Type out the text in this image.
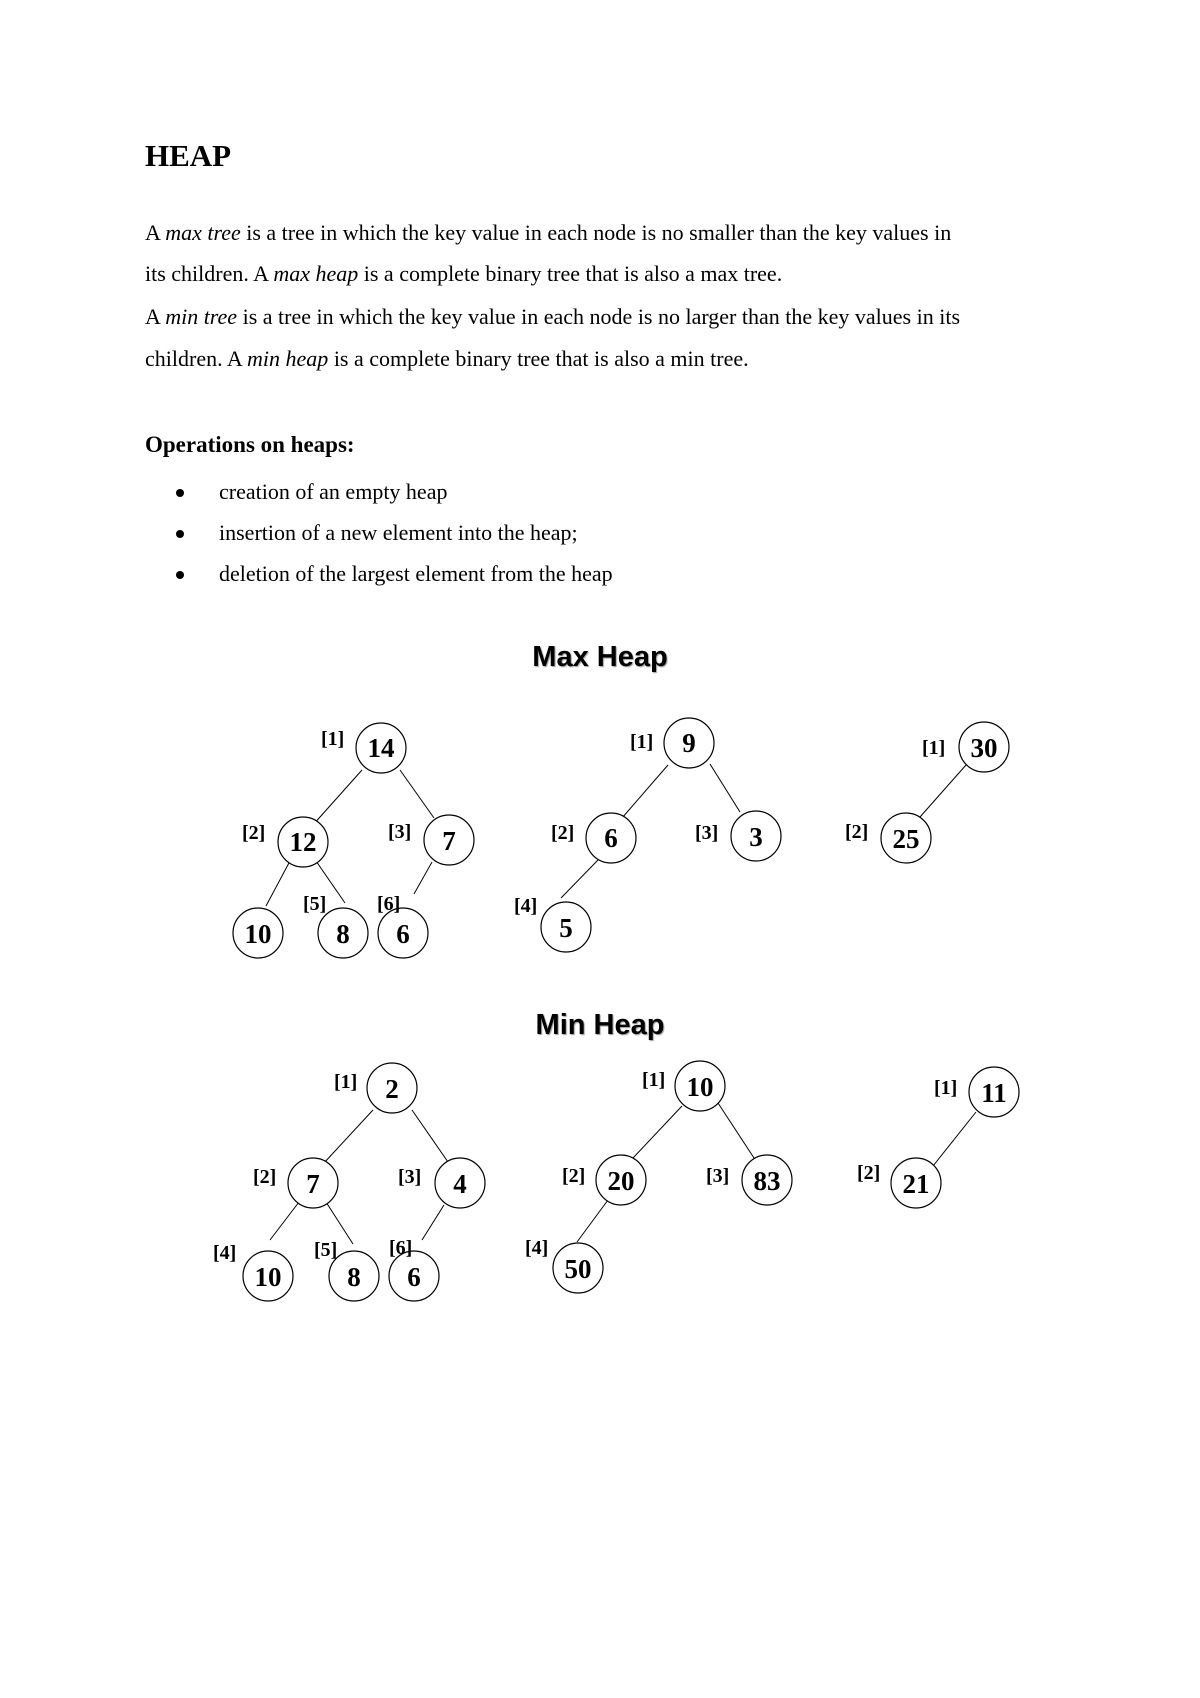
HEAP

A max tree is a tree in which the key value in each node is no smaller than the key values in

its children. A max heap is a complete binary tree that is also a max tree.

A min tree is a tree in which the key value in each node is no larger than the key values in its

children. A min heap is a complete binary tree that is also a min tree.

Operations on heaps:
creation of an empty heap
insertion of a new element into the heap;
deletion of the largest element from the heap
Max Heap
14
[1]
12
[2]	7
[3]
10 8
[5]
6
[6]
9
[1]
6
[2]	3
[3]
5
[4]
30
[1]
25
[2]
Min Heap
2
[1]
7
[2]	4
[3]
10
[4]
8
[5]
6
[6]
10
[1]
20
[2]	83
[3]
50
[4]
11
[1]
21
[2]
